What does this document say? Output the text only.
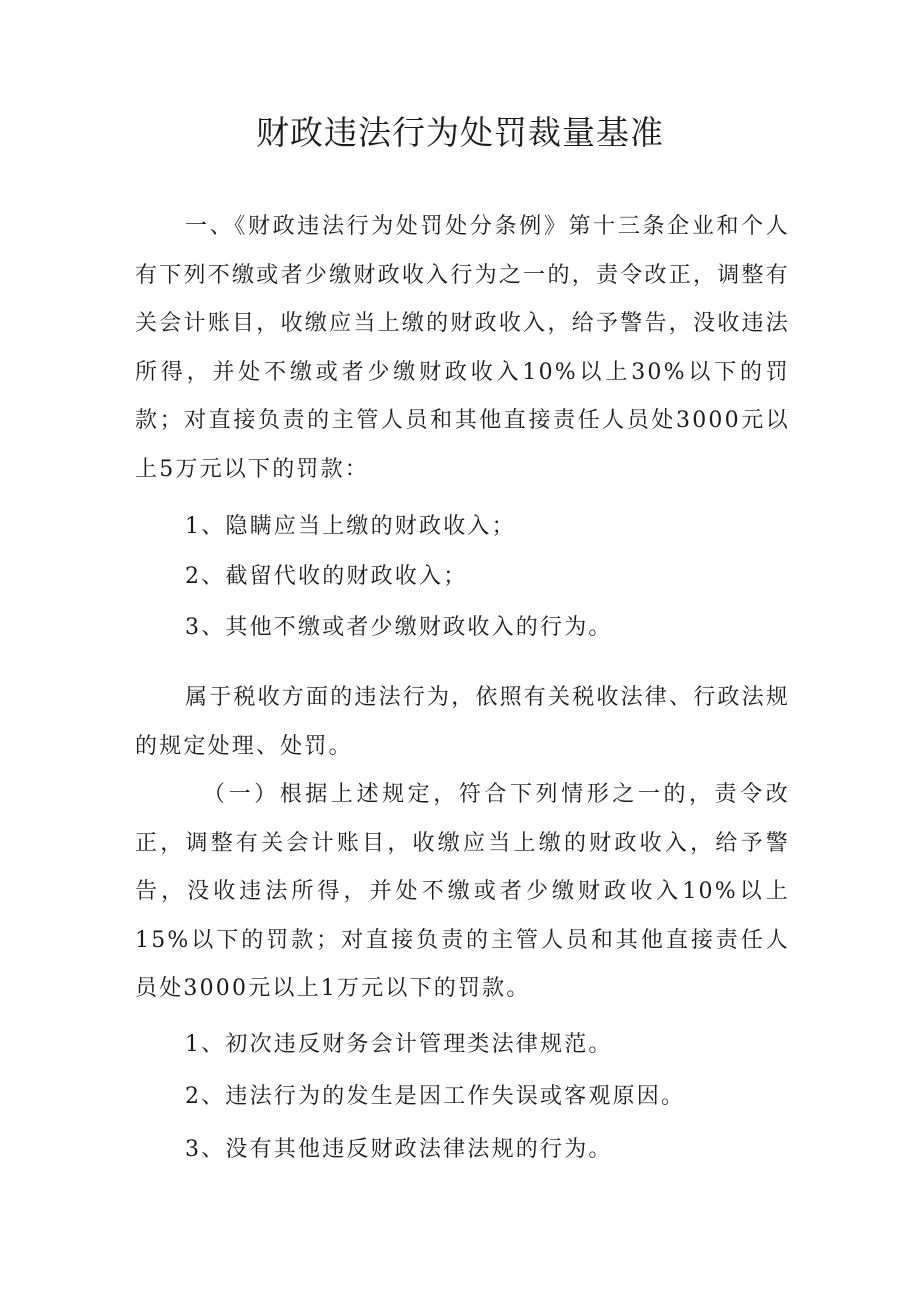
财政违法行为处罚裁量基准

一、《财政违法行为处罚处分条例》第十三条企业和个人有下列不缴或者少缴财政收入行为之一的，责令改正，调整有关会计账目，收缴应当上缴的财政收入，给予警告，没收违法所得，并处不缴或者少缴财政收入10%以上30%以下的罚款；对直接负责的主管人员和其他直接责任人员处3000元以上5万元以下的罚款：

1、隐瞒应当上缴的财政收入；

2、截留代收的财政收入；

3、其他不缴或者少缴财政收入的行为。

属于税收方面的违法行为，依照有关税收法律、行政法规的规定处理、处罚。

（一）根据上述规定，符合下列情形之一的，责令改正，调整有关会计账目，收缴应当上缴的财政收入，给予警告，没收违法所得，并处不缴或者少缴财政收入10%以上15%以下的罚款；对直接负责的主管人员和其他直接责任人员处3000元以上1万元以下的罚款。

1、初次违反财务会计管理类法律规范。

2、违法行为的发生是因工作失误或客观原因。

3、没有其他违反财政法律法规的行为。
